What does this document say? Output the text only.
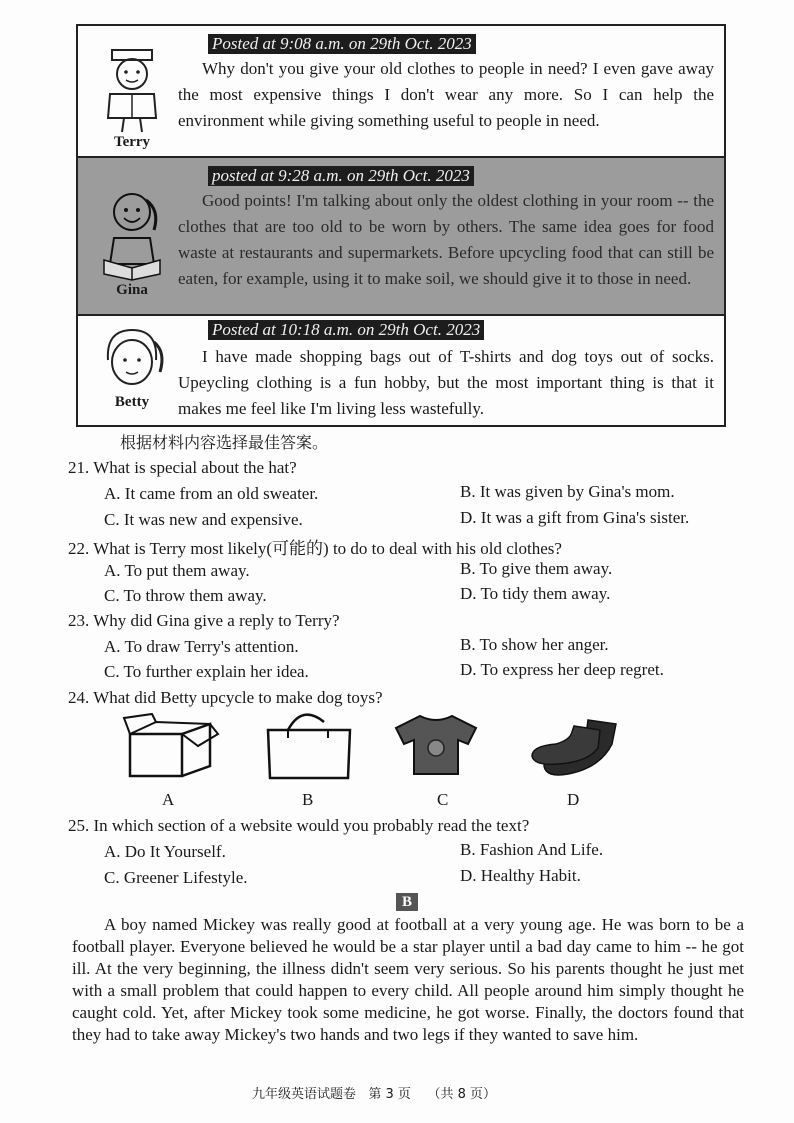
Terry
Posted at 9:08 a.m. on 29th Oct. 2023
Why don't you give your old clothes to people in need? I even gave away the most expensive things I don't wear any more. So I can help the environment while giving something useful to people in need.
Gina
posted at 9:28 a.m. on 29th Oct. 2023
Good points! I'm talking about only the oldest clothing in your room -- the clothes that are too old to be worn by others. The same idea goes for food waste at restaurants and supermarkets. Before upcycling food that can still be eaten, for example, using it to make soil, we should give it to those in need.
Betty
Posted at 10:18 a.m. on 29th Oct. 2023
I have made shopping bags out of T-shirts and dog toys out of socks. Upeycling clothing is a fun hobby, but the most important thing is that it makes me feel like I'm living less wastefully.
根据材料内容选择最佳答案。
21. What is special about the hat?
A. It came from an old sweater.	B. It was given by Gina's mom.
C. It was new and expensive.	D. It was a gift from Gina's sister.
22. What is Terry most likely(可能的) to do to deal with his old clothes?
A. To put them away.	B. To give them away.
C. To throw them away.	D. To tidy them away.
23. Why did Gina give a reply to Terry?
A. To draw Terry's attention.	B. To show her anger.
C. To further explain her idea.	D. To express her deep regret.
24. What did Betty upcycle to make dog toys?
A	B	C	D
25. In which section of a website would you probably read the text?
A. Do It Yourself.	B. Fashion And Life.
C. Greener Lifestyle.	D. Healthy Habit.
B
A boy named Mickey was really good at football at a very young age. He was born to be a football player. Everyone believed he would be a star player until a bad day came to him -- he got ill. At the very beginning, the illness didn't seem very serious. So his parents thought he just met with a small problem that could happen to every child. All people around him simply thought he caught cold. Yet, after Mickey took some medicine, he got worse. Finally, the doctors found that they had to take away Mickey's two hands and two legs if they wanted to save him.
九年级英语试题卷   第 3 页    （共 8 页）
